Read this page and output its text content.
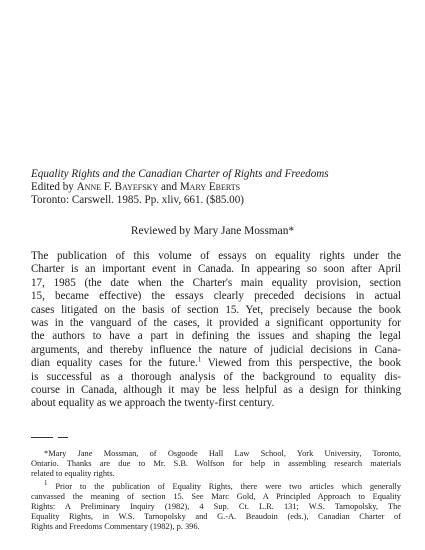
Equality Rights and the Canadian Charter of Rights and Freedoms
Edited by Anne F. Bayefsky and Mary Eberts
Toronto: Carswell. 1985. Pp. xliv, 661. ($85.00)
Reviewed by Mary Jane Mossman*
The publication of this volume of essays on equality rights under the
Charter is an important event in Canada. In appearing so soon after April
17, 1985 (the date when the Charter's main equality provision, section
15, became effective) the essays clearly preceded decisions in actual
cases litigated on the basis of section 15. Yet, precisely because the book
was in the vanguard of the cases, it provided a significant opportunity for
the authors to have a part in defining the issues and shaping the legal
arguments, and thereby influence the nature of judicial decisions in Cana-
dian equality cases for the future.$^1$ Viewed from this perspective, the book
is successful as a thorough analysis of the background to equality dis-
course in Canada, although it may be less helpful as a design for thinking
about equality as we approach the twenty-first century.
*Mary Jane Mossman, of Osgoode Hall Law School, York University, Toronto,
Ontario. Thanks are due to Mr. S.B. Wolfson for help in assembling research materials
related to equality rights.
$^1$ Prior to the publication of Equality Rights, there were two articles which generally
canvassed the meaning of section 15. See Marc Gold, A Principled Approach to Equality
Rights: A Preliminary Inquiry (1982), 4 Sup. Ct. L.R. 131; W.S. Tarnopolsky, The
Equality Rights, in W.S. Tarnopolsky and G.-A. Beaudoin (eds.), Canadian Charter of
Rights and Freedoms Commentary (1982), p. 396.
